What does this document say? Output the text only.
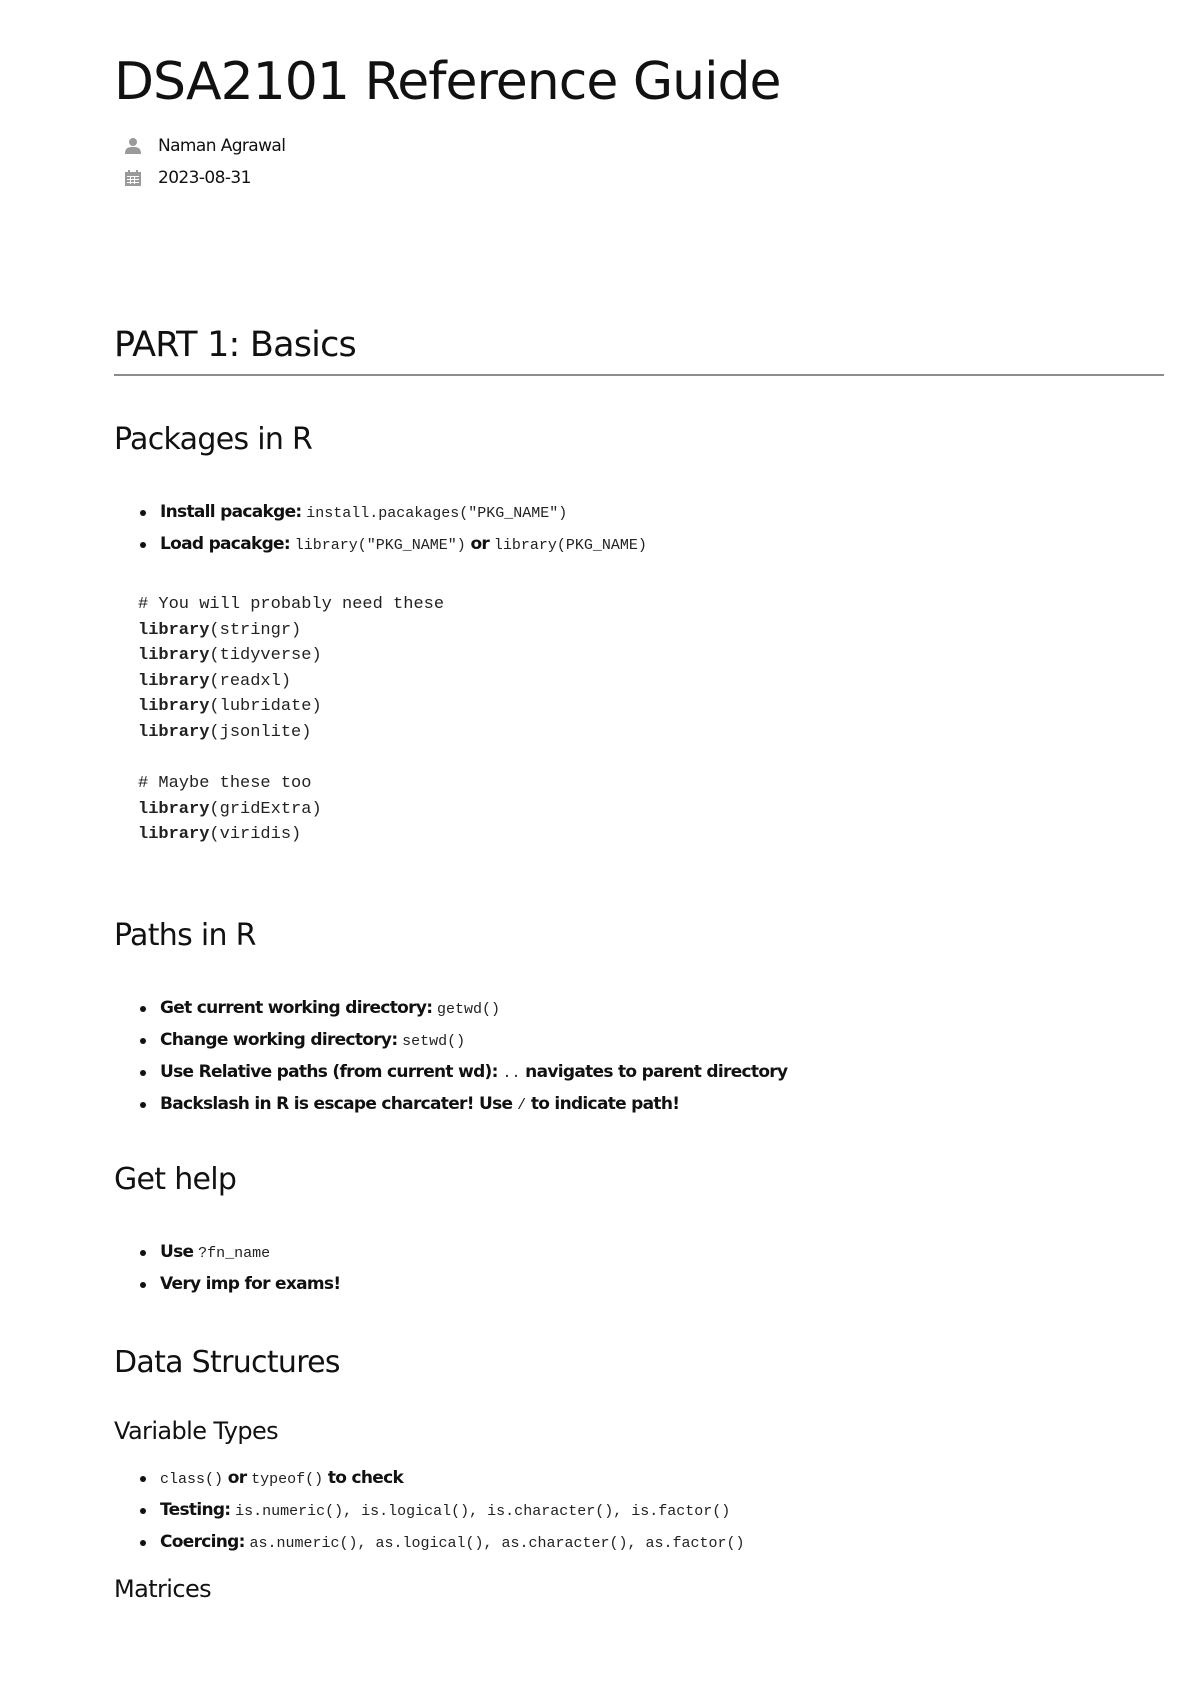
DSA2101 Reference Guide
Naman Agrawal
2023-08-31
PART 1: Basics
Packages in R
Install pacakge: install.pacakages("PKG_NAME")
Load pacakge: library("PKG_NAME") or library(PKG_NAME)
# You will probably need these
library(stringr)
library(tidyverse)
library(readxl)
library(lubridate)
library(jsonlite)

# Maybe these too
library(gridExtra)
library(viridis)
Paths in R
Get current working directory: getwd()
Change working directory: setwd()
Use Relative paths (from current wd): .. navigates to parent directory
Backslash in R is escape charcater! Use / to indicate path!
Get help
Use ?fn_name
Very imp for exams!
Data Structures
Variable Types
class() or typeof() to check
Testing: is.numeric(), is.logical(), is.character(), is.factor()
Coercing: as.numeric(), as.logical(), as.character(), as.factor()
Matrices
